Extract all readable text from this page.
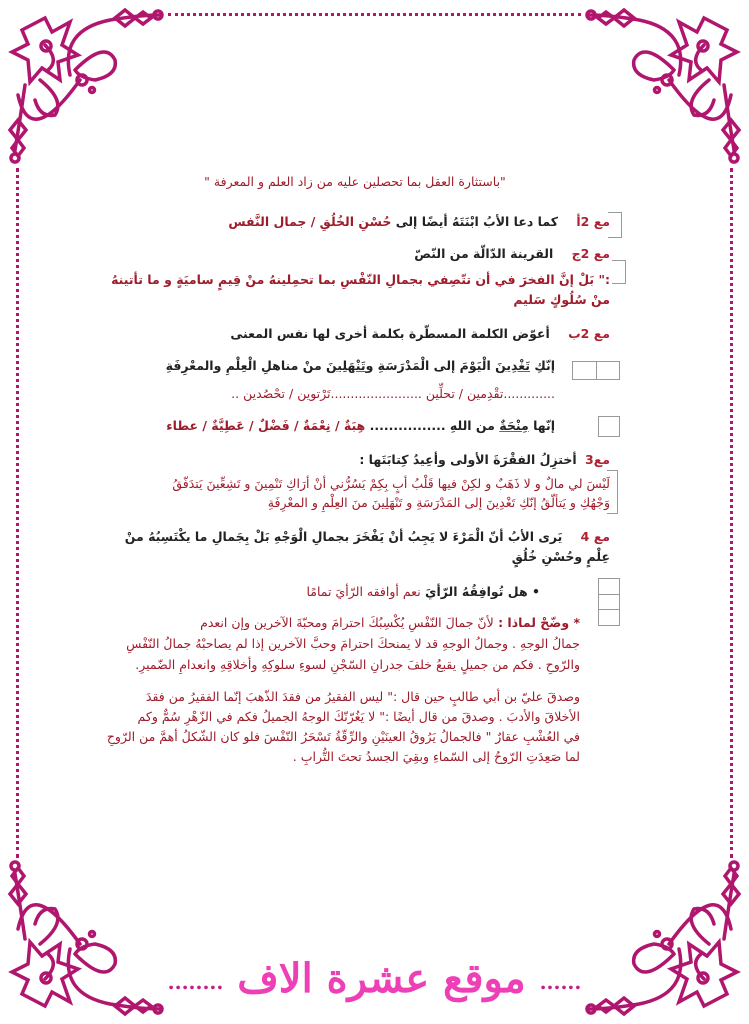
"باستثارة العقل بما تحصلين عليه من زاد العلم و المعرفة "
مع 2أ كما دعا الأبُ ابْنَتَهُ أيضًا إلى حُسْنِ الخُلُقِ / جمال النَّفس
مع 2ج القرينة الدّالّة من النّصّ
:" بَلْ إنَّ الفخرَ في أن تتّصِفي بجمالِ النّفْسِ بما تحمِلينهُ منْ قِيمٍ ساميَةٍ و ما تأتينهُ
منْ سُلُوكٍ سَليم
مع 2ب أعوّض الكلمة المسطّرة بكلمة أخرى لها نفس المعنى
إنّكِ تَغْدِينَ الْيَوْمَ إلى الْمَدْرَسَةِ وتَنْهَلِينَ منْ مناهلِ الْعِلْمِ والمعْرِفَةِ
.............تقْدِمين / تحلِّين .......................تَرْتوين / تحْصُدين ..
إنّها مِنْحَةٌ من اللهِ ................ هِبَةٌ / نِعْمَةٌ / فَضْلٌ / عَطِيَّةٌ / عطاء
مع3 أختزِلُ الفقْرَةَ الأولى وأعِيدُ كِتابَتَها :
لَيْسَ لي مالٌ و لا ذَهَبٌ و لكِنْ فيها قَلْبُ أبٍ بِكِمْ يَسُرُّني أنْ أرَاكِ تَنْمِينَ و تَشِعِّينَ يَتدَفّقُ
وَجْهُكِ و يَتألّقُ إنّكِ تَغْدِينَ إلى المَدْرَسَةِ و تَنْهَلِينَ منَ العِلْمِ و المعْرِفَةِ
مع 4 يَرى الأبُ أنّ الْمَرْءَ لا يَجِبُ أنْ يَفْخَرَ بجمالِ الْوَجْهِ بَلْ بِجَمالِ ما يكْتَسِبُهُ منْ
عِلْمٍ وحُسْنِ خُلُقٍ
• هل تُوافِقُهُ الرّأيَ نعم أوافقه الرّأيَ تمامًا
* وضّحْ لماذا : لأنّ جمالَ النّفْسِ يُكْسِبُكَ احترامَ ومحبّةَ الآخرين وإن انعدم
جمالُ الوجهِ . وجمالُ الوجهِ قد لا يمنحكَ احترامَ وحبَّ الآخرين إذا لم يصاحبْهُ جمالُ النّفْسِ
والرّوحِ . فكم من جميلٍ يقبعُ خلفَ جدرانِ السّجْنِ لسوءِ سلوكِهِ وأخلاقِهِ وانعدامِ الضّميرِ.
وصدقَ عليّ بن أبي طالبٍ حين قال :" ليس الفقيرُ من فقدَ الذّهبَ إنّما الفقيرُ من فقدَ
الأخلاقَ والأدبَ . وصدقَ من قال أيضًا :" لا يَغُرّنّكَ الوجهُ الجميلُ فكم في الزّهْرِ سُمٌّ وكم
في العُشْبِ عقارٌ " فالجمالُ يَرُوقُ العينَيْنِ والرِّقّةُ تَسْحَرُ النّفْسَ فلو كان الشّكلُ أهمَّ من الرّوحِ
لما صَعِدَتِ الرّوحُ إلى السّماءِ وبقِيَ الجسدُ تحتَ التُّرابِ .
...... موقع عشرة الاف ........
